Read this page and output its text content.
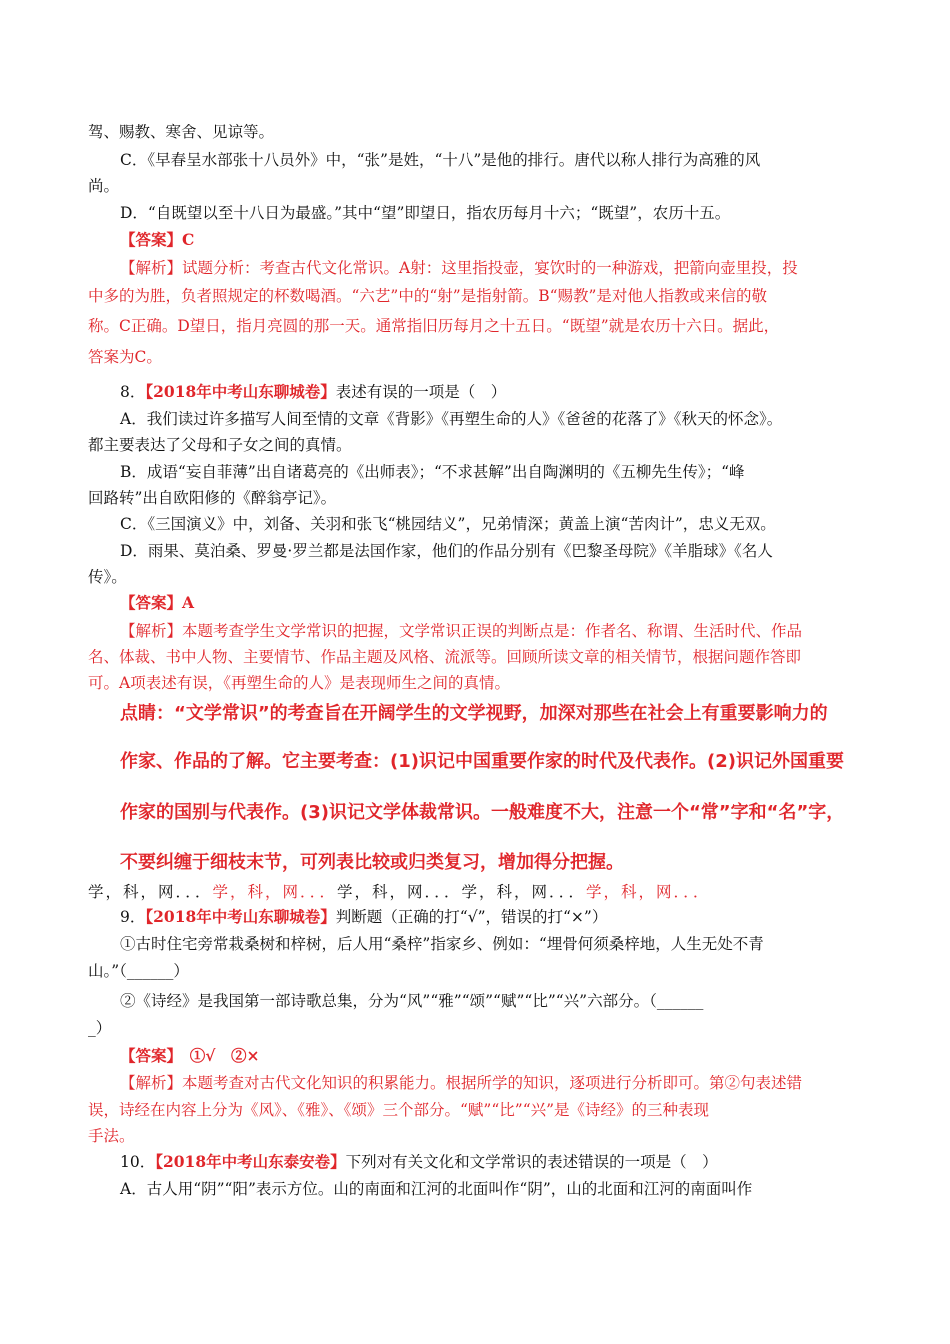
驾、赐教、寒舍、见谅等。
C．《早春呈水部张十八员外》中，“张”是姓，“十八”是他的排行。唐代以称人排行为高雅的风
尚。
D．“自既望以至十八日为最盛。”其中“望”即望日，指农历每月十六；“既望”，农历十五。
【答案】C
【解析】试题分析：考查古代文化常识。A射：这里指投壶，宴饮时的一种游戏，把箭向壶里投，投
中多的为胜，负者照规定的杯数喝酒。“六艺”中的“射”是指射箭。B“赐教”是对他人指教或来信的敬
称。C正确。D望日，指月亮圆的那一天。通常指旧历每月之十五日。“既望”就是农历十六日。据此，
答案为C。
8．【2018年中考山东聊城卷】表述有误的一项是（　）
A．我们读过许多描写人间至情的文章《背影》《再塑生命的人》《爸爸的花落了》《秋天的怀念》。
都主要表达了父母和子女之间的真情。
B．成语“妄自菲薄”出自诸葛亮的《出师表》；“不求甚解”出自陶渊明的《五柳先生传》；“峰
回路转”出自欧阳修的《醉翁亭记》。
C．《三国演义》中，刘备、关羽和张飞“桃园结义”，兄弟情深；黄盖上演“苦肉计”，忠义无双。
D．雨果、莫泊桑、罗曼·罗兰都是法国作家，他们的作品分别有《巴黎圣母院》《羊脂球》《名人
传》。
【答案】A
【解析】本题考查学生文学常识的把握，文学常识正误的判断点是：作者名、称谓、生活时代、作品
名、体裁、书中人物、主要情节、作品主题及风格、流派等。回顾所读文章的相关情节，根据问题作答即
可。A项表述有误，《再塑生命的人》是表现师生之间的真情。
点睛：“文学常识”的考查旨在开阔学生的文学视野，加深对那些在社会上有重要影响力的
作家、作品的了解。它主要考查：(1)识记中国重要作家的时代及代表作。(2)识记外国重要
作家的国别与代表作。(3)识记文学体裁常识。一般难度不大，注意一个“常”字和“名”字，
不要纠缠于细枝末节，可列表比较或归类复习，增加得分把握。
学，科，网．．．学，科，网．．．学，科，网．．．学，科，网．．．学，科，网．．．
9．【2018年中考山东聊城卷】判断题（正确的打“√”，错误的打“×”）
①古时住宅旁常栽桑树和梓树，后人用“桑梓”指家乡、例如：“埋骨何须桑梓地，人生无处不青
山。”（______）
②《诗经》是我国第一部诗歌总集，分为“风”“雅”“颂”“赋”“比”“兴”六部分。（______
_）
【答案】　①√　②×
【解析】本题考查对古代文化知识的积累能力。根据所学的知识，逐项进行分析即可。第②句表述错
误，诗经在内容上分为《风》、《雅》、《颂》三个部分。“赋”“比”“兴”是《诗经》的三种表现
手法。
10．【2018年中考山东泰安卷】下列对有关文化和文学常识的表述错误的一项是（　）
A．古人用“阴”“阳”表示方位。山的南面和江河的北面叫作“阴”，山的北面和江河的南面叫作
